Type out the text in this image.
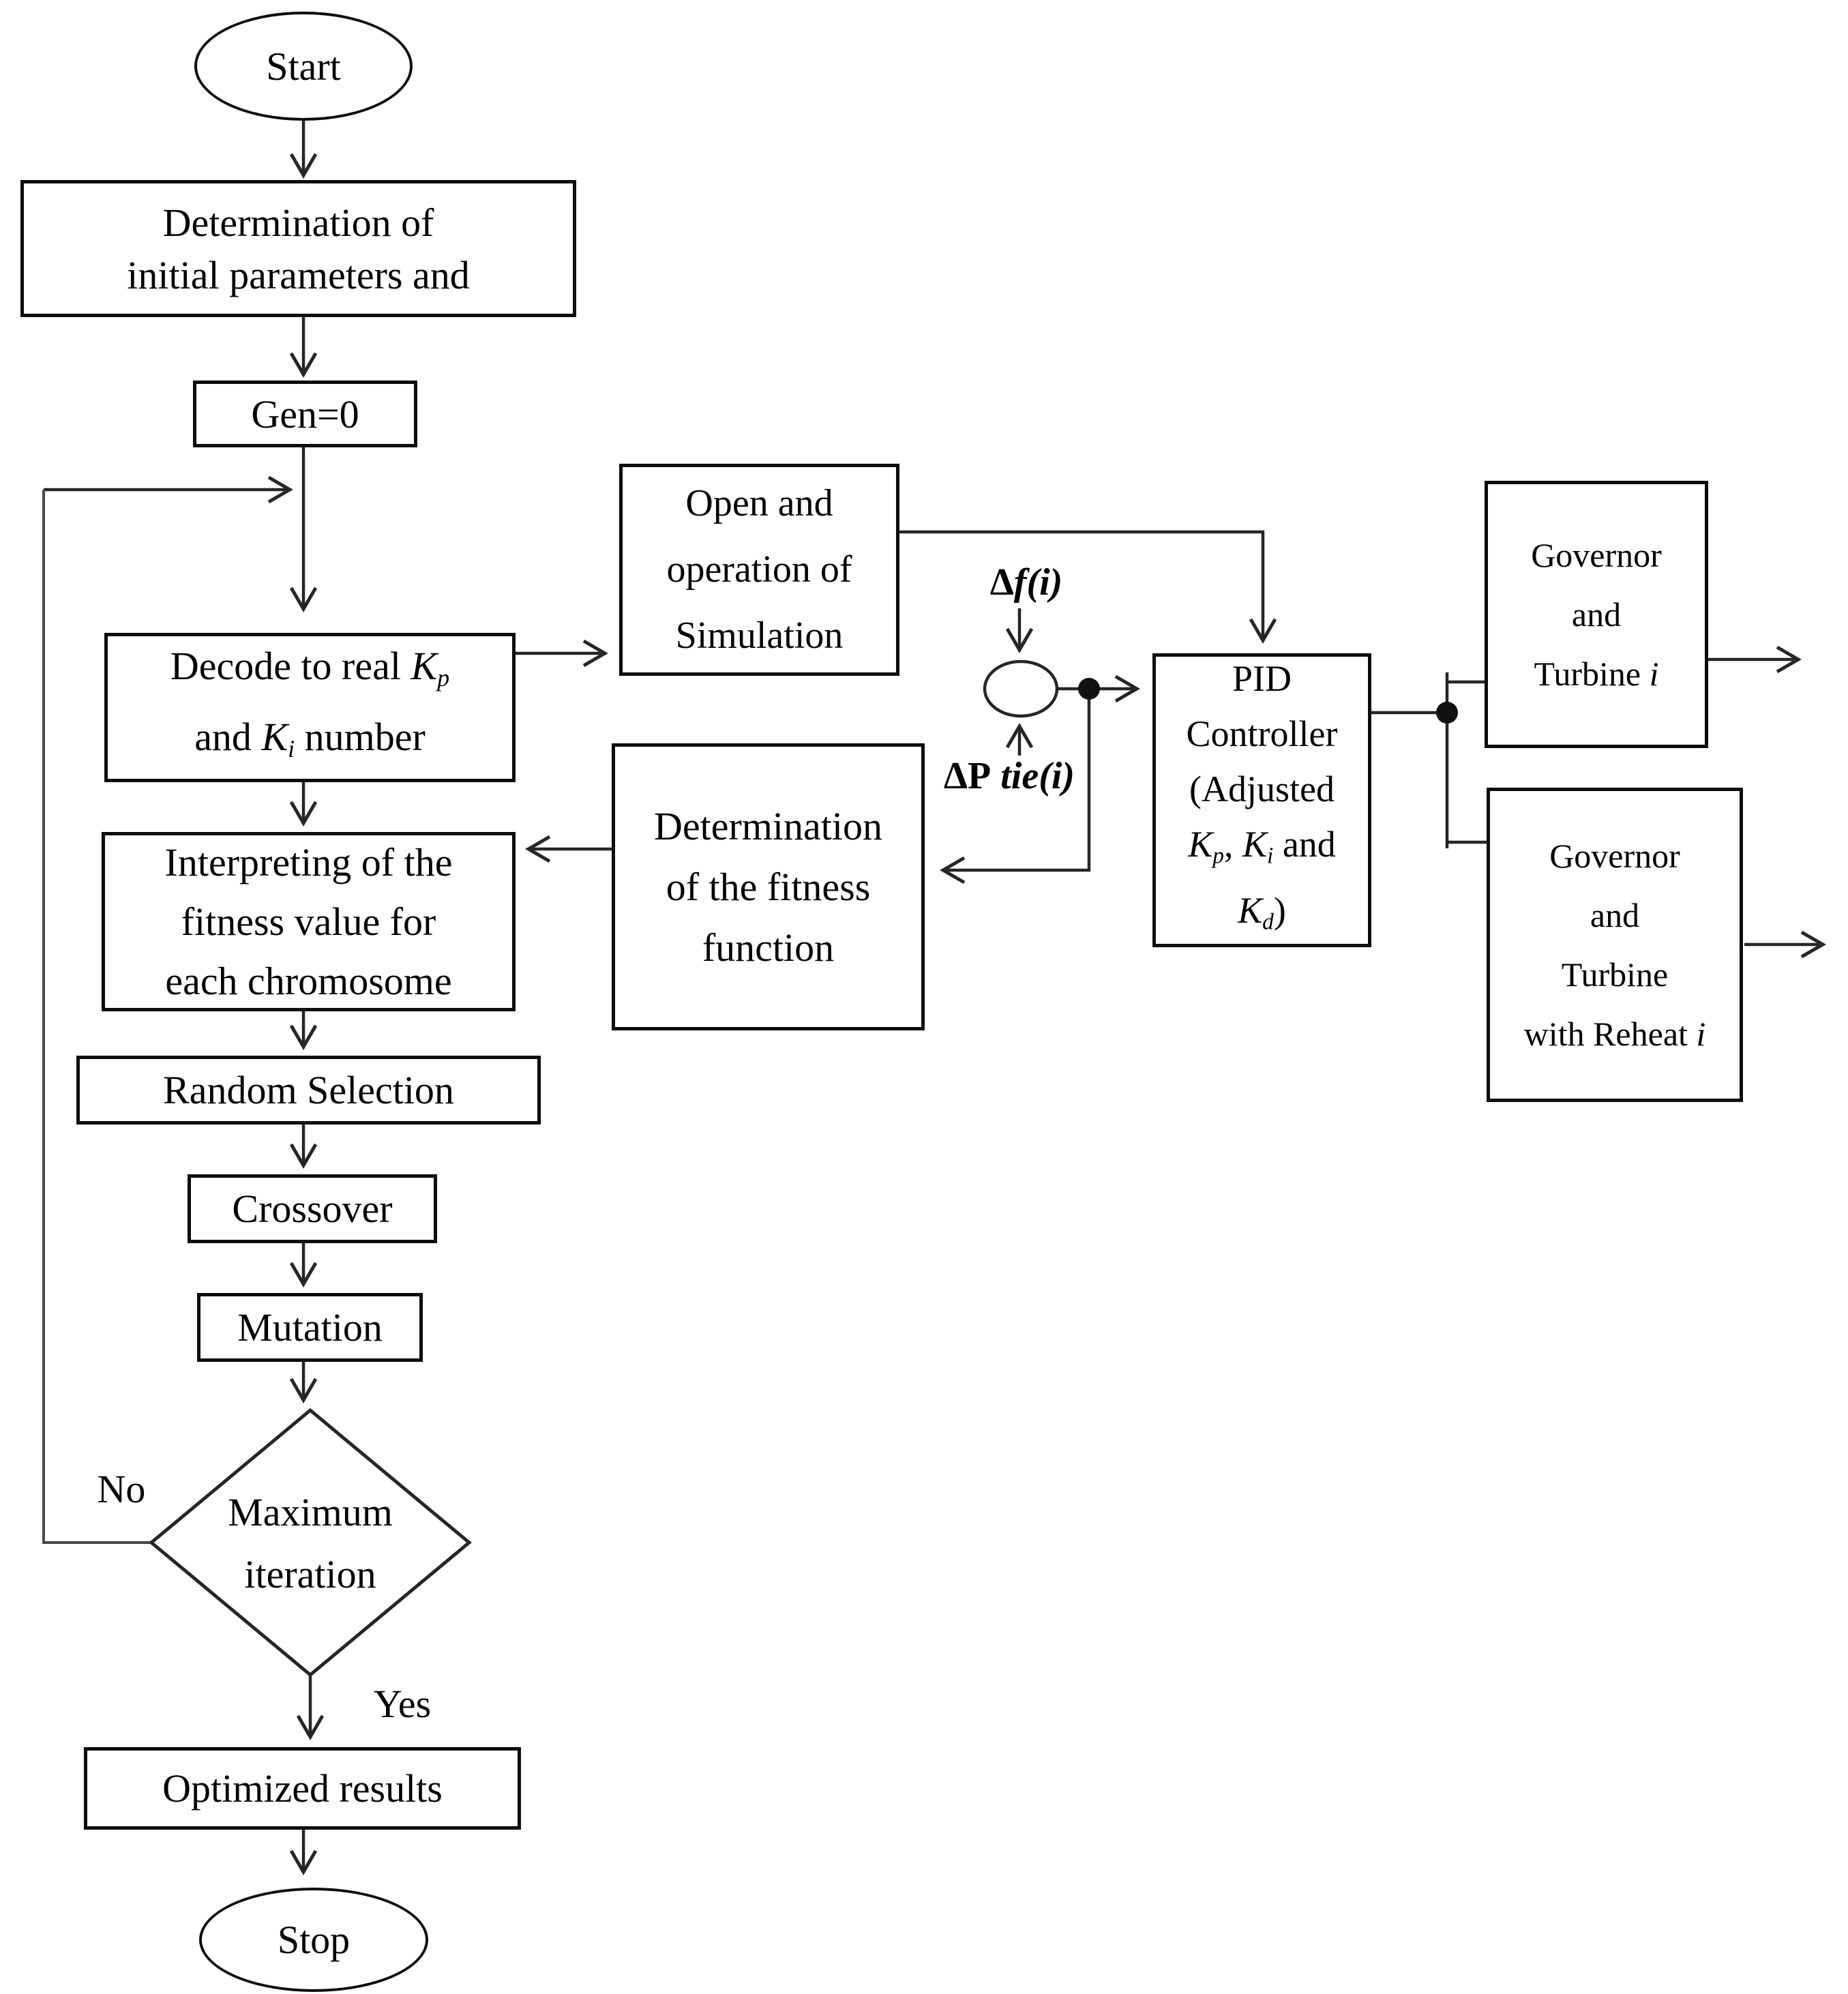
Start
Determination of
initial parameters and
Gen=0
Decode to real Kp
and Ki number
Open and
operation of
Simulation
Interpreting of the
fitness value for
each chromosome
Determination
of the fitness
function
Random Selection
Crossover
Mutation
Maximum
iteration
Optimized results
Stop
PID
Controller
(Adjusted
Kp, Ki and
Kd)
Governor
and
Turbine i
Governor
and
Turbine
with Reheat i
No
Yes
Δf(i)
ΔP tie(i)
